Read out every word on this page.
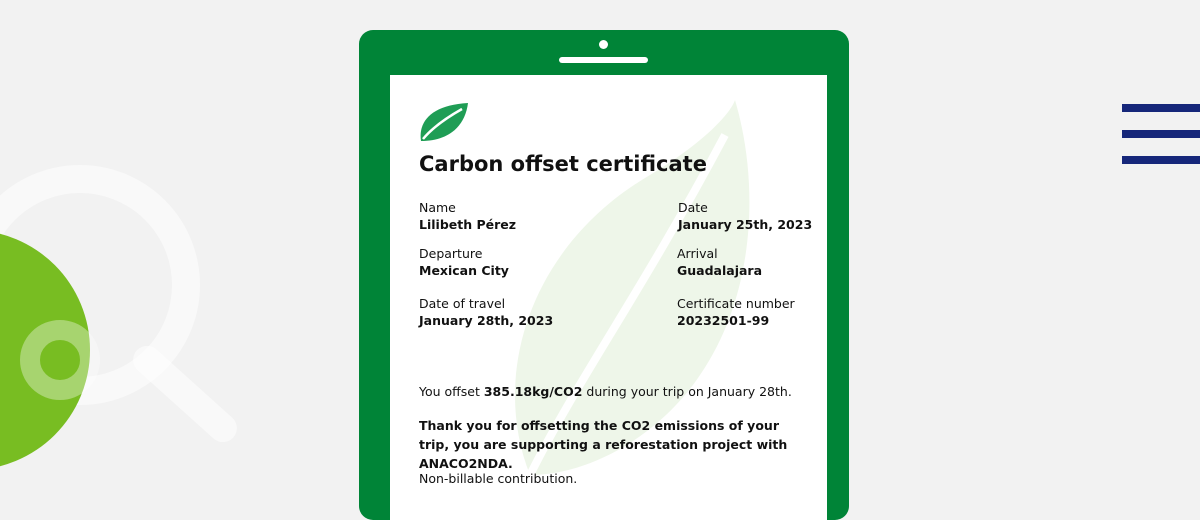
Carbon offset certificate
Name
Lilibeth Pérez
Date
January 25th, 2023
Departure
Mexican City
Arrival
Guadalajara
Date of travel
January 28th, 2023
Certificate number
20232501-99

You offset 385.18kg/CO2 during your trip on January 28th.

Thank you for offsetting the CO2 emissions of your trip, you are supporting a reforestation project with ANACO2NDA.

Non-billable contribution.
